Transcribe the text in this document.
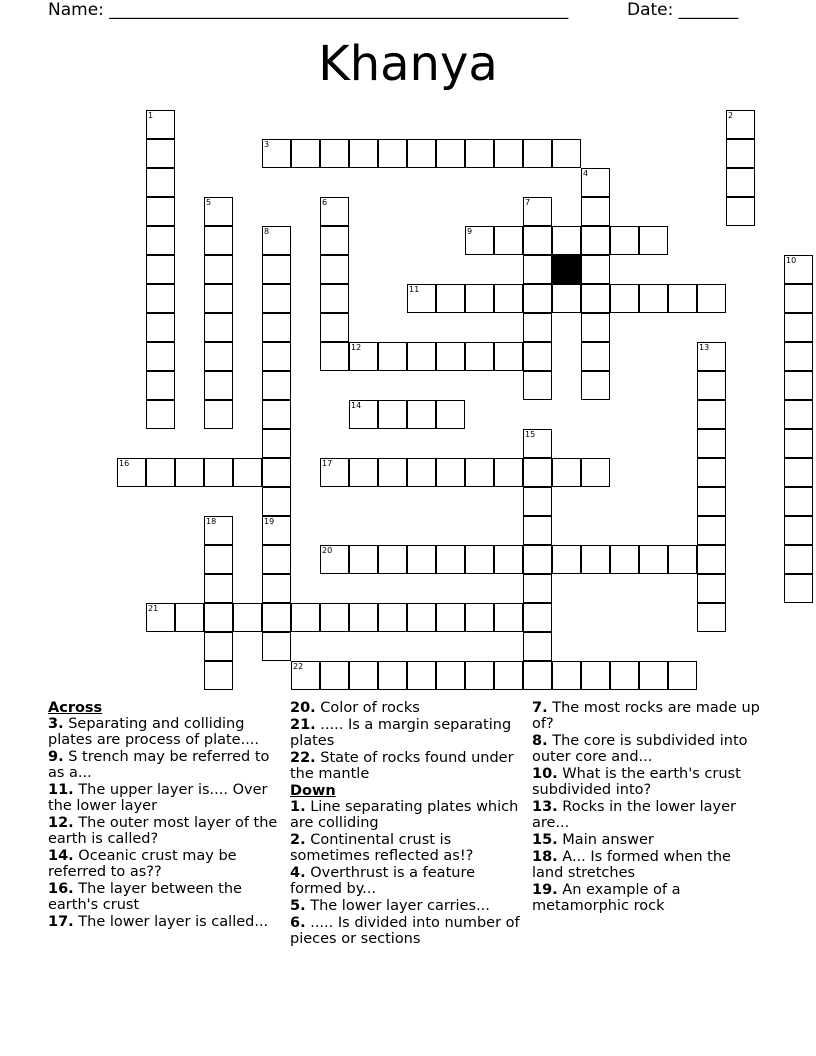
Name: ______________________________________________________	Date: _______
Khanya
1
3
4
2
5
8
6	7
9
10
11
12	13
14
15
16	17
18	19
20
21
22
Across
3. Separating and colliding plates are process of plate....
9. S trench may be referred to as a...
11. The upper layer is.... Over the lower layer
12. The outer most layer of the earth is called?
14. Oceanic crust may be referred to as??
16. The layer between the earth's crust
17. The lower layer is called...
20. Color of rocks
21. ..... Is a margin separating plates
22. State of rocks found under the mantle
Down
1. Line separating plates which are colliding
2. Continental crust is sometimes reflected as!?
4. Overthrust is a feature formed by...
5. The lower layer carries...
6. ..... Is divided into number of pieces or sections
7. The most rocks are made up of?
8. The core is subdivided into outer core and...
10. What is the earth's crust subdivided into?
13. Rocks in the lower layer are...
15. Main answer
18. A... Is formed when the land stretches
19. An example of a metamorphic rock
